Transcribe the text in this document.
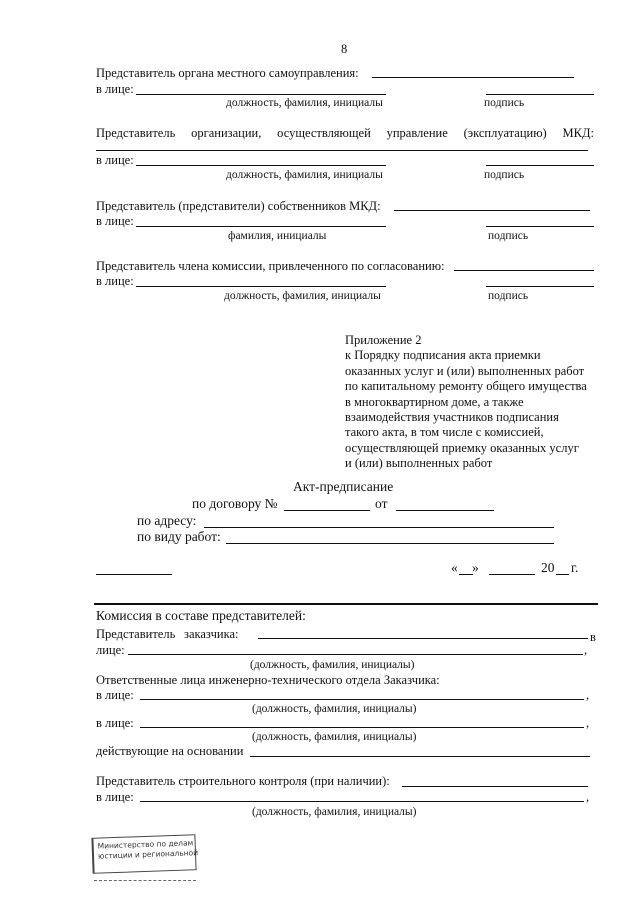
8
Представитель органа местного самоуправления:
в лице:
должность, фамилия, инициалы	подпись
Представитель организации, осуществляющей управление (эксплуатацию) МКД:
в лице:
должность, фамилия, инициалы	подпись
Представитель (представители) собственников МКД:
в лице:
фамилия, инициалы	подпись
Представитель члена комиссии, привлеченного по согласованию:
в лице:
должность, фамилия, инициалы	подпись
Приложение 2
к Порядку подписания акта приемки
оказанных услуг и (или) выполненных работ
по капитальному ремонту общего имущества
в многоквартирном доме, а также
взаимодействия участников подписания
такого акта, в том числе с комиссией,
осуществляющей приемку оказанных услуг
и (или) выполненных работ
Акт-предписание
по договору №	от
по адресу:
по виду работ:
« »	20 г.
Комиссия в составе представителей:
Представитель заказчика:	в
лице:	,
(должность, фамилия, инициалы)
Ответственные лица инженерно-технического отдела Заказчика:
в лице:	,
(должность, фамилия, инициалы)
в лице:	,
(должность, фамилия, инициалы)
действующие на основании
Представитель строительного контроля (при наличии):
в лице:	,
(должность, фамилия, инициалы)
Министерство по делам
юстиции и региональной
